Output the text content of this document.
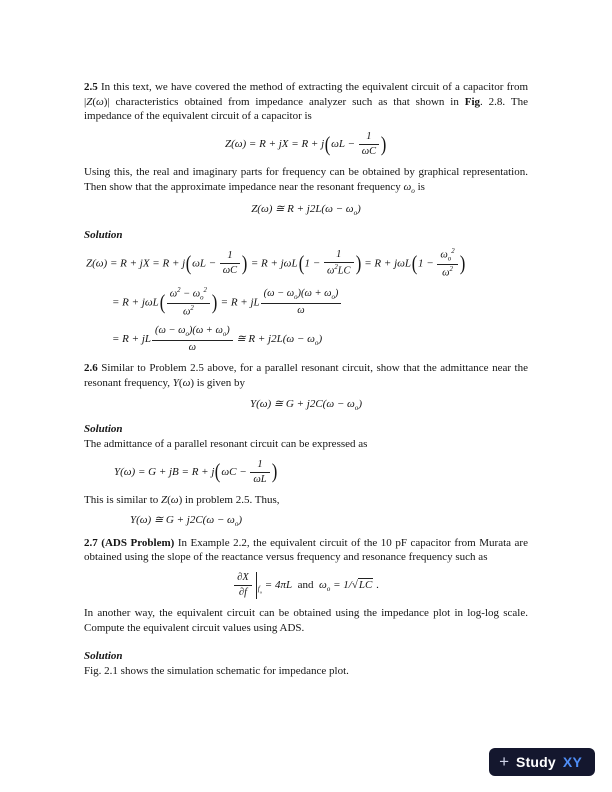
2.5 In this text, we have covered the method of extracting the equivalent circuit of a capacitor from |Z(ω)| characteristics obtained from impedance analyzer such as that shown in Fig. 2.8. The impedance of the equivalent circuit of a capacitor is

Z(ω) = R + jX = $R + j(\omega L - \frac{1}{\omega C}$ )

Using this, the real and imaginary parts for frequency can be obtained by graphical representation. Then show that the approximate impedance near the resonant frequency $\omega_o$ is

Z(ω) ≅ $R + j2L(\omega - \omega_o)$

Solution

Z(ω) = R + jX = $R + j(\omega L - \frac{1}{\omega C}$ ) = $R + j\omega L(1 - \frac{1}{\omega^2LC}$ ) = $R + j\omega L(1 - \frac{\omega_o^2}{\omega^2}$ )
= $R + j\omega L( \frac{\omega^2 - \omega_o^2}{\omega^2}$ ) = R + jL $\frac{(\omega - \omega_o)(\omega + \omega_o)}{\omega}$
= R + jL $\frac{(\omega - \omega_o)(\omega + \omega_o)}{\omega}$ ≅ $R + j2L(\omega - \omega_o)$

2.6 Similar to Problem 2.5 above, for a parallel resonant circuit, show that the admittance near the resonant frequency, Y(ω) is given by

Y(ω) ≅ $G + j2C(\omega - \omega_o)$

Solution

The admittance of a parallel resonant circuit can be expressed as

Y(ω) = G + jB = $R + j(\omega C - \frac{1}{\omega L}$ )

This is similar to Z(ω) in problem 2.5. Thus,

Y(ω) ≅ $G + j2C(\omega - \omega_o)$

2.7 (ADS Problem) In Example 2.2, the equivalent circuit of the 10 pF capacitor from Murata are obtained using the slope of the reactance versus frequency and resonance frequency such as

$\frac{\partial X}{\partial f} _{f_o} = 4\pi L$  and  $\omega_o = 1/√LC$ .

In another way, the equivalent circuit can be obtained using the impedance plot in log-log scale. Compute the equivalent circuit values using ADS.

Solution

Fig. 2.1 shows the simulation schematic for impedance plot.

+ Study XY
